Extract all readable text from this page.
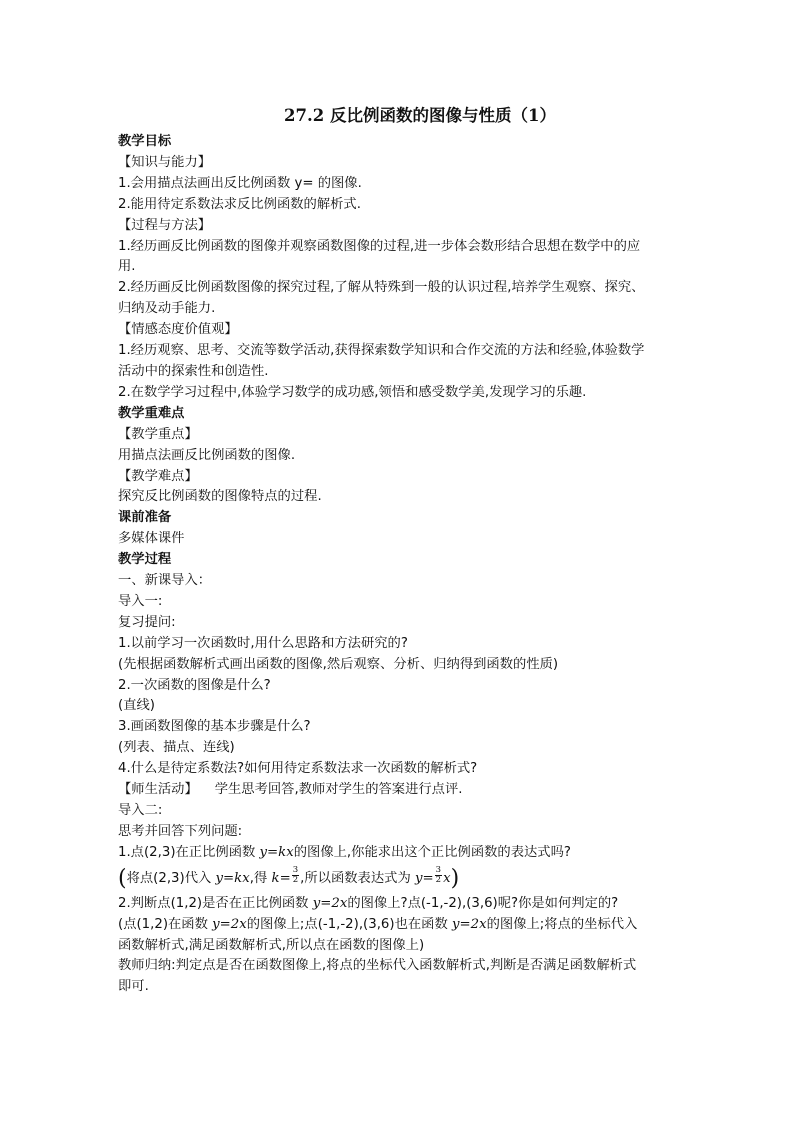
27.2 反比例函数的图像与性质（1）
教学目标
【知识与能力】
1.会用描点法画出反比例函数 y= 的图像.
2.能用待定系数法求反比例函数的解析式.
【过程与方法】
1.经历画反比例函数的图像并观察函数图像的过程,进一步体会数形结合思想在数学中的应
用.
2.经历画反比例函数图像的探究过程,了解从特殊到一般的认识过程,培养学生观察、探究、
归纳及动手能力.
【情感态度价值观】
1.经历观察、思考、交流等数学活动,获得探索数学知识和合作交流的方法和经验,体验数学
活动中的探索性和创造性.
2.在数学学习过程中,体验学习数学的成功感,领悟和感受数学美,发现学习的乐趣.
教学重难点
【教学重点】
用描点法画反比例函数的图像.
【教学难点】
探究反比例函数的图像特点的过程.
课前准备
多媒体课件
教学过程
一、新课导入：
导入一:
复习提问:
1.以前学习一次函数时,用什么思路和方法研究的?
(先根据函数解析式画出函数的图像,然后观察、分析、归纳得到函数的性质)
2.一次函数的图像是什么?
(直线)
3.画函数图像的基本步骤是什么?
(列表、描点、连线)
4.什么是待定系数法?如何用待定系数法求一次函数的解析式?
【师生活动】 学生思考回答,教师对学生的答案进行点评.
导入二:
思考并回答下列问题:
1.点(2,3)在正比例函数 y=kx的图像上,你能求出这个正比例函数的表达式吗?
(将点(2,3)代入 y=kx,得 $k= \frac{3}{2}$ ,所以函数表达式为 $y= \frac{3}{2} x$)
2.判断点(1,2)是否在正比例函数 y=2x的图像上?点(-1,-2),(3,6)呢?你是如何判定的?
(点(1,2)在函数 y=2x的图像上;点(-1,-2),(3,6)也在函数 y=2x的图像上;将点的坐标代入
函数解析式,满足函数解析式,所以点在函数的图像上)
教师归纳:判定点是否在函数图像上,将点的坐标代入函数解析式,判断是否满足函数解析式
即可.
